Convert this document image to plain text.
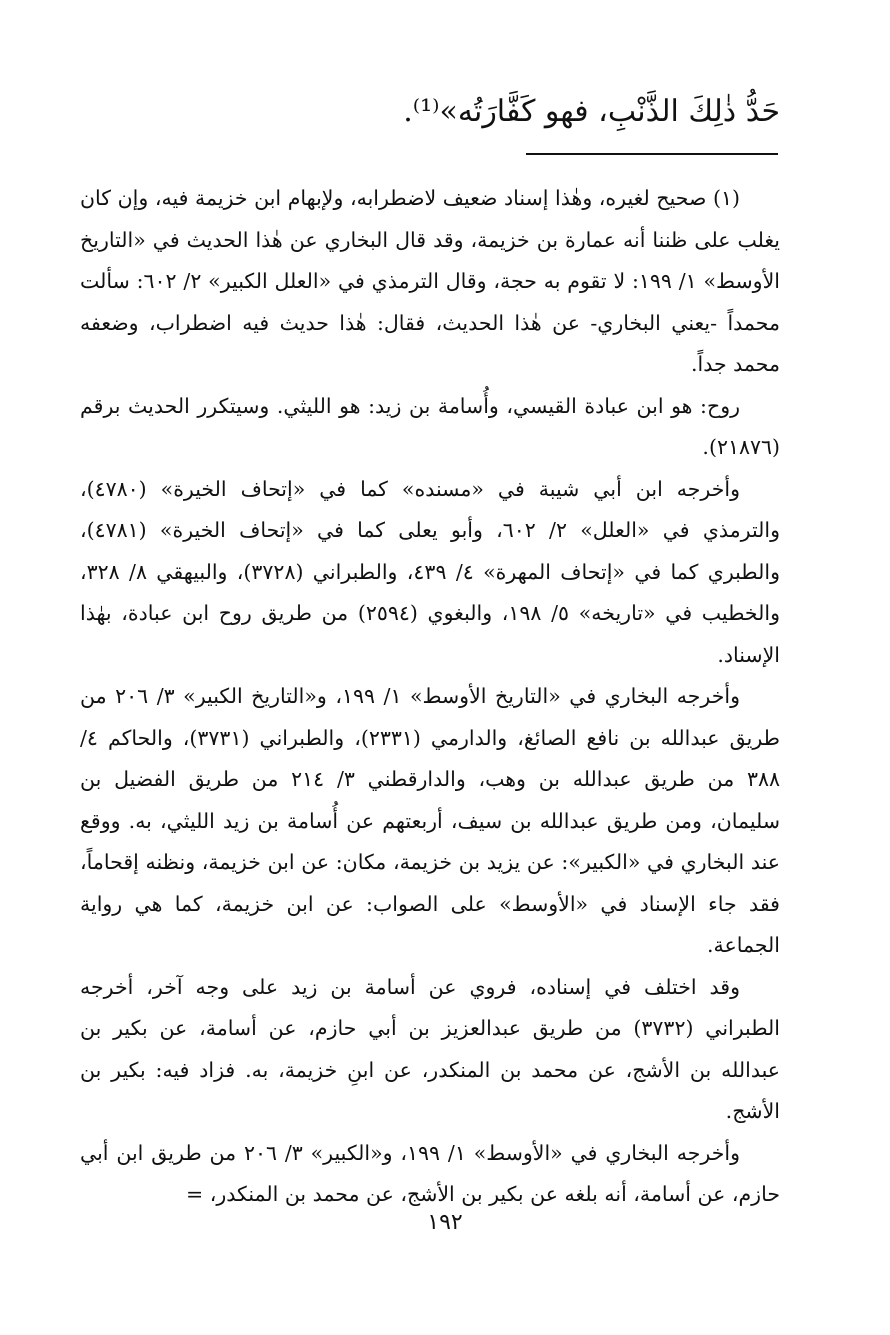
حَدُّ ذٰلِكَ الذَّنْبِ، فهو كَفَّارَتُه»⁽¹⁾.

(١) صحيح لغيره، وهٰذا إسناد ضعيف لاضطرابه، ولإبهام ابن خزيمة فيه، وإن كان يغلب على ظننا أنه عمارة بن خزيمة، وقد قال البخاري عن هٰذا الحديث في «التاريخ الأوسط» ١/ ١٩٩: لا تقوم به حجة، وقال الترمذي في «العلل الكبير» ٢/ ٦٠٢: سألت محمداً -يعني البخاري- عن هٰذا الحديث، فقال: هٰذا حديث فيه اضطراب، وضعفه محمد جداً.

روح: هو ابن عبادة القيسي، وأُسامة بن زيد: هو الليثي. وسيتكرر الحديث برقم (٢١٨٧٦).

وأخرجه ابن أبي شيبة في «مسنده» كما في «إتحاف الخيرة» (٤٧٨٠)، والترمذي في «العلل» ٢/ ٦٠٢، وأبو يعلى كما في «إتحاف الخيرة» (٤٧٨١)، والطبري كما في «إتحاف المهرة» ٤/ ٤٣٩، والطبراني (٣٧٢٨)، والبيهقي ٨/ ٣٢٨، والخطيب في «تاريخه» ٥/ ١٩٨، والبغوي (٢٥٩٤) من طريق روح ابن عبادة، بهٰذا الإسناد.

وأخرجه البخاري في «التاريخ الأوسط» ١/ ١٩٩، و«التاريخ الكبير» ٣/ ٢٠٦ من طريق عبدالله بن نافع الصائغ، والدارمي (٢٣٣١)، والطبراني (٣٧٣١)، والحاكم ٤/ ٣٨٨ من طريق عبدالله بن وهب، والدارقطني ٣/ ٢١٤ من طريق الفضيل بن سليمان، ومن طريق عبدالله بن سيف، أربعتهم عن أُسامة بن زيد الليثي، به. ووقع عند البخاري في «الكبير»: عن يزيد بن خزيمة، مكان: عن ابن خزيمة، ونظنه إقحاماً، فقد جاء الإسناد في «الأوسط» على الصواب: عن ابن خزيمة، كما هي رواية الجماعة.

وقد اختلف في إسناده، فروي عن أسامة بن زيد على وجه آخر، أخرجه الطبراني (٣٧٣٢) من طريق عبدالعزيز بن أبي حازم، عن أسامة، عن بكير بن عبدالله بن الأشج، عن محمد بن المنكدر، عن ابنِ خزيمة، به. فزاد فيه: بكير بن الأشج.

وأخرجه البخاري في «الأوسط» ١/ ١٩٩، و«الكبير» ٣/ ٢٠٦ من طريق ابن أبي حازم، عن أسامة، أنه بلغه عن بكير بن الأشج، عن محمد بن المنكدر، =

١٩٢
